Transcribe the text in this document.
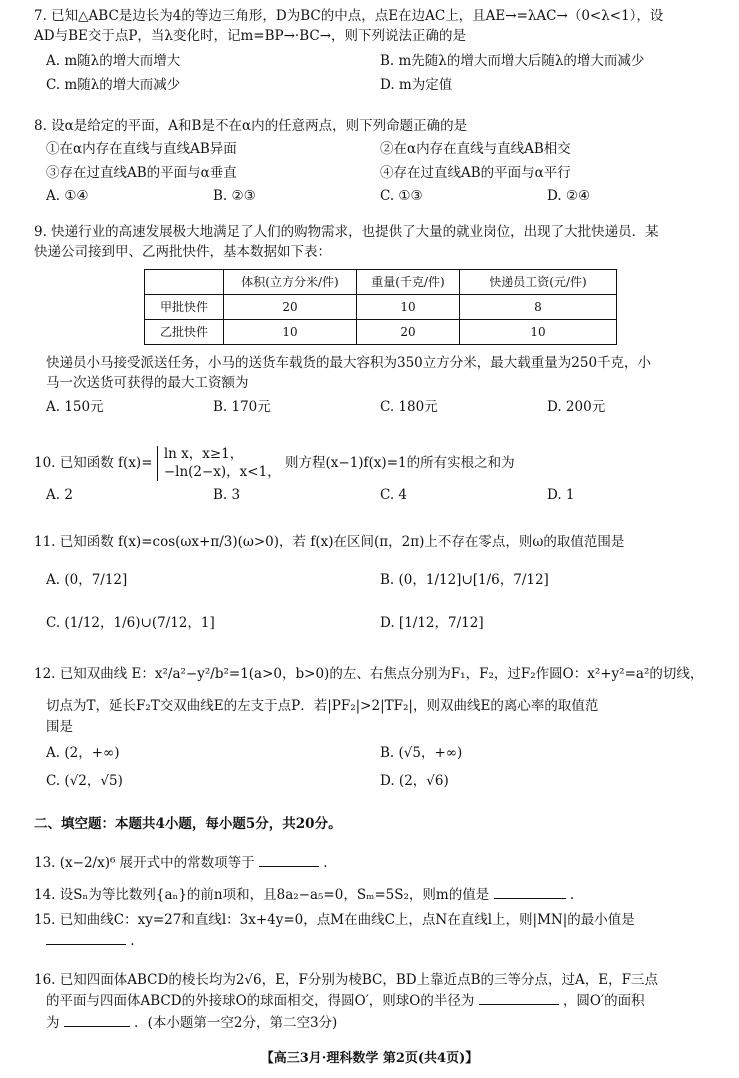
7. 已知△ABC是边长为4的等边三角形，D为BC的中点，点E在边AC上，且AE→=λAC→（0<λ<1），设

AD与BE交于点P，当λ变化时，记m=BP→·BC→，则下列说法正确的是

A. m随λ的增大而增大	B. m先随λ的增大而增大后随λ的增大而减少
C. m随λ的增大而减少	D. m为定值

8. 设α是给定的平面，A和B是不在α内的任意两点，则下列命题正确的是

①在α内存在直线与直线AB异面	②在α内存在直线与直线AB相交
③存在过直线AB的平面与α垂直	④存在过直线AB的平面与α平行
A. ①④	B. ②③	C. ①③	D. ②④

9. 快递行业的高速发展极大地满足了人们的购物需求，也提供了大量的就业岗位，出现了大批快递员．某

快递公司接到甲、乙两批快件，基本数据如下表：

	体积(立方分米/件)	重量(千克/件)	快递员工资(元/件)
甲批快件	20	10	8
乙批快件	10	20	10

快递员小马接受派送任务，小马的送货车载货的最大容积为350立方分米，最大载重量为250千克，小

马一次送货可获得的最大工资额为

A. 150元	B. 170元	C. 180元	D. 200元

10. 已知函数 f(x)=
ln x，x≥1，
−ln(2−x)，x<1，
则方程(x−1)f(x)=1的所有实根之和为

A. 2	B. 3	C. 4	D. 1

11. 已知函数 f(x)=cos(ωx+π/3)(ω>0)，若 f(x)在区间(π，2π)上不存在零点，则ω的取值范围是

A. (0，7/12]	B. (0，1/12]∪[1/6，7/12]
C. (1/12，1/6)∪(7/12，1]	D. [1/12，7/12]

12. 已知双曲线 E：x²/a²−y²/b²=1(a>0，b>0)的左、右焦点分别为F₁，F₂，过F₂作圆O：x²+y²=a²的切线，

切点为T，延长F₂T交双曲线E的左支于点P．若|PF₂|>2|TF₂|，则双曲线E的离心率的取值范

围是

A. (2，+∞)	B. (√5，+∞)
C. (√2，√5)	D. (2，√6)

二、填空题：本题共4小题，每小题5分，共20分。

13. (x−2/x)⁶ 展开式中的常数项等于	.

14. 设Sₙ为等比数列{aₙ}的前n项和，且8a₂−a₅=0，Sₘ=5S₂，则m的值是	.

15. 已知曲线C：xy=27和直线l：3x+4y=0，点M在曲线C上，点N在直线l上，则|MN|的最小值是

.

16. 已知四面体ABCD的棱长均为2√6，E，F分别为棱BC，BD上靠近点B的三等分点，过A，E，F三点

的平面与四面体ABCD的外接球O的球面相交，得圆O′，则球O的半径为	，圆O′的面积

为	．(本小题第一空2分，第二空3分)

【高三3月·理科数学 第2页(共4页)】
